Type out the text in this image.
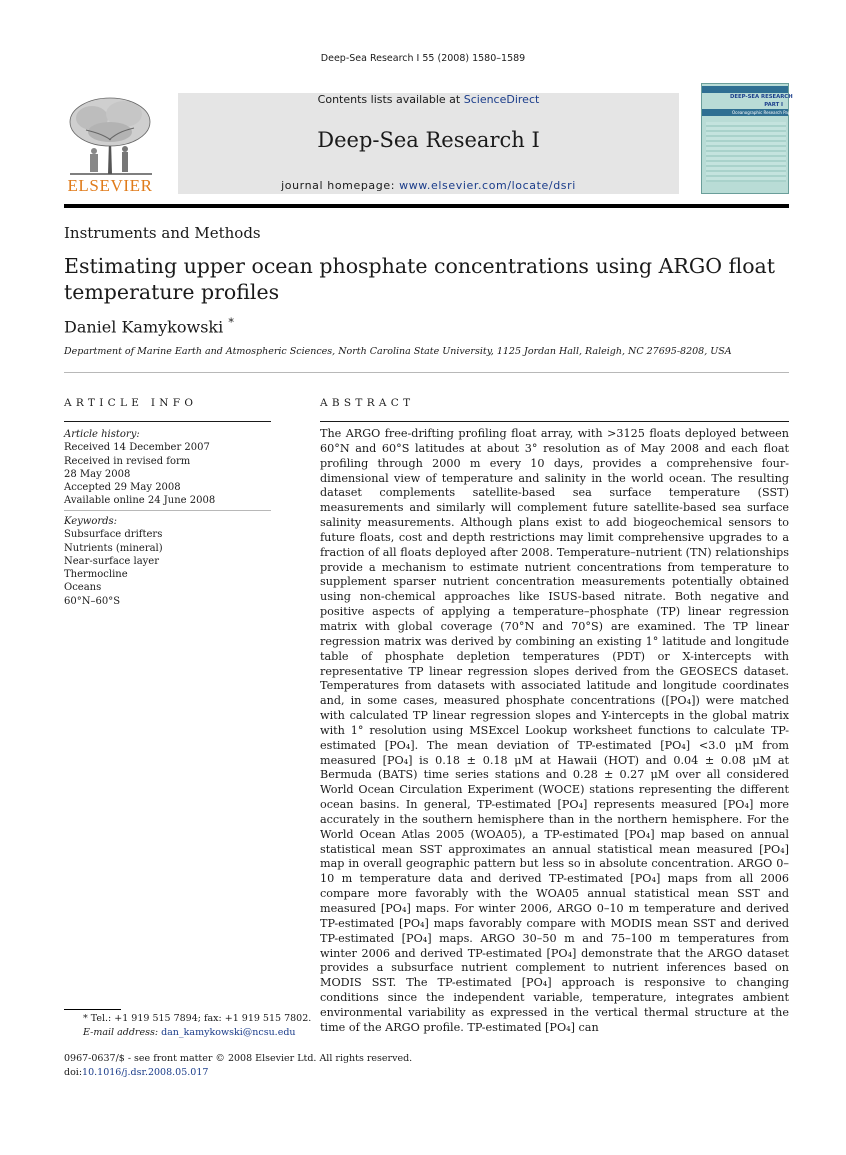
Deep-Sea Research I 55 (2008) 1580–1589
ELSEVIER
Contents lists available at ScienceDirect
Deep-Sea Research I
journal homepage: www.elsevier.com/locate/dsri
DEEP-SEA RESEARCH
PART I
Oceanographic Research Papers
Instruments and Methods
Estimating upper ocean phosphate concentrations using ARGO float temperature profiles
Daniel Kamykowski *
Department of Marine Earth and Atmospheric Sciences, North Carolina State University, 1125 Jordan Hall, Raleigh, NC 27695-8208, USA
ARTICLE INFO	ABSTRACT
Article history:
Received 14 December 2007
Received in revised form
28 May 2008
Accepted 29 May 2008
Available online 24 June 2008
Keywords:
Subsurface drifters
Nutrients (mineral)
Near-surface layer
Thermocline
Oceans
60°N–60°S
The ARGO free-drifting profiling float array, with >3125 floats deployed between 60°N and 60°S latitudes at about 3° resolution as of May 2008 and each float profiling through 2000 m every 10 days, provides a comprehensive four-dimensional view of temperature and salinity in the world ocean. The resulting dataset complements satellite-based sea surface temperature (SST) measurements and similarly will complement future satellite-based sea surface salinity measurements. Although plans exist to add biogeochemical sensors to future floats, cost and depth restrictions may limit comprehensive upgrades to a fraction of all floats deployed after 2008. Temperature–nutrient (TN) relationships provide a mechanism to estimate nutrient concentrations from temperature to supplement sparser nutrient concentration measurements potentially obtained using non-chemical approaches like ISUS-based nitrate. Both negative and positive aspects of applying a temperature–phosphate (TP) linear regression matrix with global coverage (70°N and 70°S) are examined. The TP linear regression matrix was derived by combining an existing 1° latitude and longitude table of phosphate depletion temperatures (PDT) or X-intercepts with representative TP linear regression slopes derived from the GEOSECS dataset. Temperatures from datasets with associated latitude and longitude coordinates and, in some cases, measured phosphate concentrations ([PO₄]) were matched with calculated TP linear regression slopes and Y-intercepts in the global matrix with 1° resolution using MSExcel Lookup worksheet functions to calculate TP-estimated [PO₄]. The mean deviation of TP-estimated [PO₄] <3.0 μM from measured [PO₄] is 0.18 ± 0.18 μM at Hawaii (HOT) and 0.04 ± 0.08 μM at Bermuda (BATS) time series stations and 0.28 ± 0.27 μM over all considered World Ocean Circulation Experiment (WOCE) stations representing the different ocean basins. In general, TP-estimated [PO₄] represents measured [PO₄] more accurately in the southern hemisphere than in the northern hemisphere. For the World Ocean Atlas 2005 (WOA05), a TP-estimated [PO₄] map based on annual statistical mean SST approximates an annual statistical mean measured [PO₄] map in overall geographic pattern but less so in absolute concentration. ARGO 0–10 m temperature data and derived TP-estimated [PO₄] maps from all 2006 compare more favorably with the WOA05 annual statistical mean SST and measured [PO₄] maps. For winter 2006, ARGO 0–10 m temperature and derived TP-estimated [PO₄] maps favorably compare with MODIS mean SST and derived TP-estimated [PO₄] maps. ARGO 30–50 m and 75–100 m temperatures from winter 2006 and derived TP-estimated [PO₄] demonstrate that the ARGO dataset provides a subsurface nutrient complement to nutrient inferences based on MODIS SST. The TP-estimated [PO₄] approach is responsive to changing conditions since the independent variable, temperature, integrates ambient environmental variability as expressed in the vertical thermal structure at the time of the ARGO profile. TP-estimated [PO₄] can
* Tel.: +1 919 515 7894; fax: +1 919 515 7802.
E-mail address: dan_kamykowski@ncsu.edu
0967-0637/$ - see front matter © 2008 Elsevier Ltd. All rights reserved.
doi:10.1016/j.dsr.2008.05.017
